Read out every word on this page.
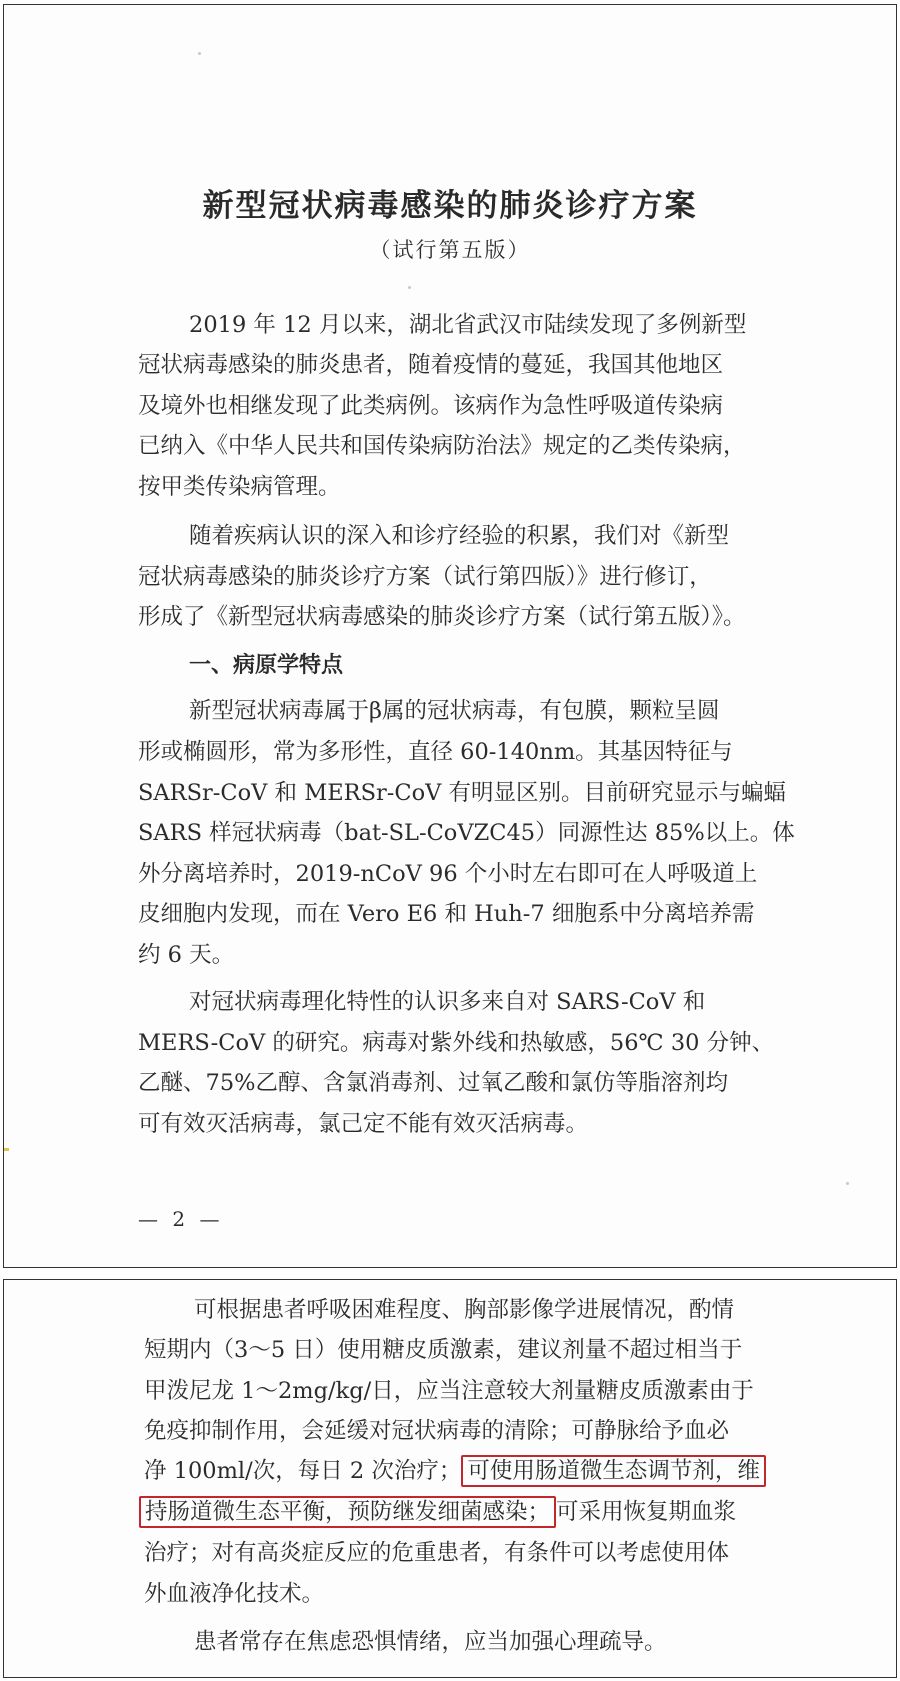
新型冠状病毒感染的肺炎诊疗方案
（试行第五版）
2019 年 12 月以来，湖北省武汉市陆续发现了多例新型
冠状病毒感染的肺炎患者，随着疫情的蔓延，我国其他地区
及境外也相继发现了此类病例。该病作为急性呼吸道传染病
已纳入《中华人民共和国传染病防治法》规定的乙类传染病，
按甲类传染病管理。
随着疾病认识的深入和诊疗经验的积累，我们对《新型
冠状病毒感染的肺炎诊疗方案（试行第四版）》进行修订，
形成了《新型冠状病毒感染的肺炎诊疗方案（试行第五版）》。
一、病原学特点
新型冠状病毒属于β属的冠状病毒，有包膜，颗粒呈圆
形或椭圆形，常为多形性，直径 60-140nm。其基因特征与
SARSr-CoV 和 MERSr-CoV 有明显区别。目前研究显示与蝙蝠
SARS 样冠状病毒（bat-SL-CoVZC45）同源性达 85%以上。体
外分离培养时，2019-nCoV 96 个小时左右即可在人呼吸道上
皮细胞内发现，而在 Vero E6 和 Huh-7 细胞系中分离培养需
约 6 天。
对冠状病毒理化特性的认识多来自对 SARS-CoV 和
MERS-CoV 的研究。病毒对紫外线和热敏感，56℃ 30 分钟、
乙醚、75%乙醇、含氯消毒剂、过氧乙酸和氯仿等脂溶剂均
可有效灭活病毒，氯己定不能有效灭活病毒。
— 2 —
可根据患者呼吸困难程度、胸部影像学进展情况，酌情
短期内（3～5 日）使用糖皮质激素，建议剂量不超过相当于
甲泼尼龙 1～2mg/kg/日，应当注意较大剂量糖皮质激素由于
免疫抑制作用，会延缓对冠状病毒的清除；可静脉给予血必
净 100ml/次，每日 2 次治疗； 可使用肠道微生态调节剂，维
持肠道微生态平衡，预防继发细菌感染； 可采用恢复期血浆
治疗；对有高炎症反应的危重患者，有条件可以考虑使用体
外血液净化技术。
患者常存在焦虑恐惧情绪，应当加强心理疏导。
